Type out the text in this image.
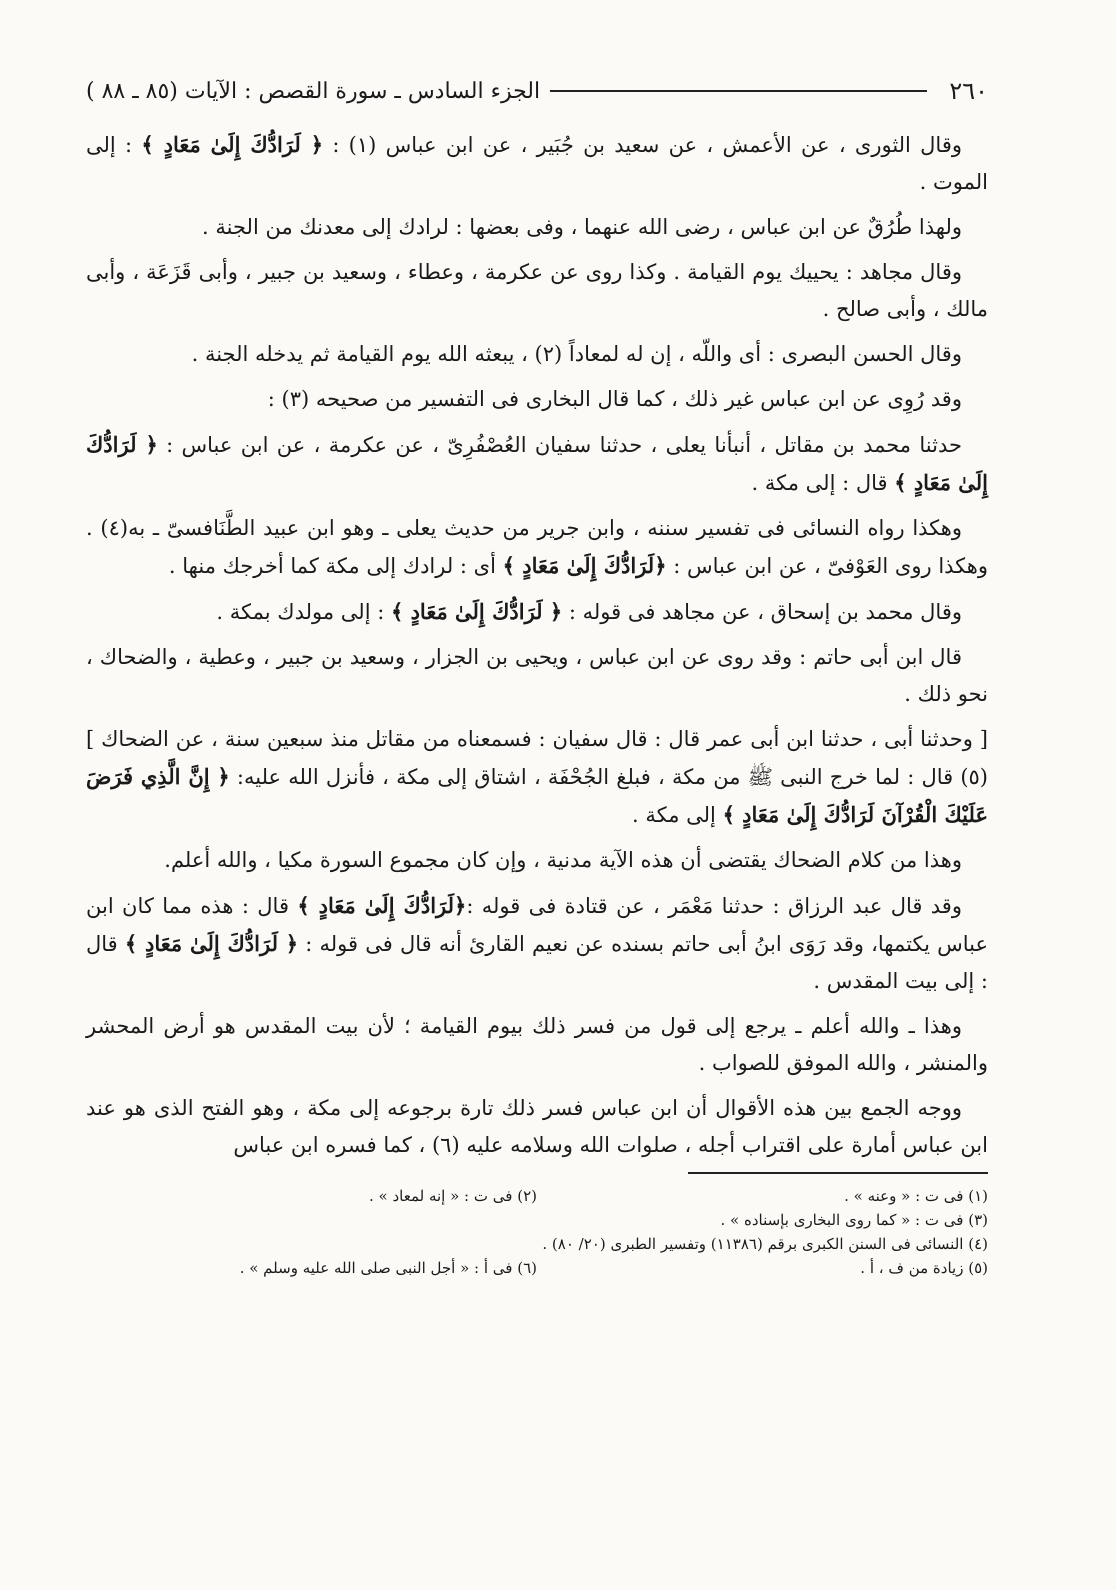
٢٦٠
الجزء السادس ـ سورة القصص : الآيات (٨٥ ـ ٨٨ )

وقال الثورى ، عن الأعمش ، عن سعيد بن جُبَير ، عن ابن عباس (١) : ﴿ لَرَادُّكَ إِلَىٰ مَعَادٍ ﴾ : إلى الموت .

ولهذا طُرُقٌ عن ابن عباس ، رضى الله عنهما ، وفى بعضها : لرادك إلى معدنك من الجنة .

وقال مجاهد : يحييك يوم القيامة . وكذا روى عن عكرمة ، وعطاء ، وسعيد بن جبير ، وأبى قَزَعَة ، وأبى مالك ، وأبى صالح .

وقال الحسن البصرى : أى واللّه ، إن له لمعاداً (٢) ، يبعثه الله يوم القيامة ثم يدخله الجنة .

وقد رُوِى عن ابن عباس غير ذلك ، كما قال البخارى فى التفسير من صحيحه (٣) :

حدثنا محمد بن مقاتل ، أنبأنا يعلى ، حدثنا سفيان العُصْفُرِىّ ، عن عكرمة ، عن ابن عباس : ﴿ لَرَادُّكَ إِلَىٰ مَعَادٍ ﴾ قال : إلى مكة .

وهكذا رواه النسائى فى تفسير سننه ، وابن جرير من حديث يعلى ـ وهو ابن عبيد الطَّنَافسىّ ـ به(٤) . وهكذا روى العَوْفىّ ، عن ابن عباس : ﴿لَرَادُّكَ إِلَىٰ مَعَادٍ ﴾ أى : لرادك إلى مكة كما أخرجك منها .

وقال محمد بن إسحاق ، عن مجاهد فى قوله : ﴿ لَرَادُّكَ إِلَىٰ مَعَادٍ ﴾ : إلى مولدك بمكة .

قال ابن أبى حاتم : وقد روى عن ابن عباس ، ويحيى بن الجزار ، وسعيد بن جبير ، وعطية ، والضحاك ، نحو ذلك .

[ وحدثنا أبى ، حدثنا ابن أبى عمر قال : قال سفيان : فسمعناه من مقاتل منذ سبعين سنة ، عن الضحاك ] (٥) قال : لما خرج النبى ﷺ من مكة ، فبلغ الجُحْفَة ، اشتاق إلى مكة ، فأنزل الله عليه: ﴿ إِنَّ الَّذِي فَرَضَ عَلَيْكَ الْقُرْآنَ لَرَادُّكَ إِلَىٰ مَعَادٍ ﴾ إلى مكة .

وهذا من كلام الضحاك يقتضى أن هذه الآية مدنية ، وإن كان مجموع السورة مكيا ، والله أعلم.

وقد قال عبد الرزاق : حدثنا مَعْمَر ، عن قتادة فى قوله :﴿لَرَادُّكَ إِلَىٰ مَعَادٍ ﴾ قال : هذه مما كان ابن عباس يكتمها، وقد رَوَى ابنُ أبى حاتم بسنده عن نعيم القارئ أنه قال فى قوله : ﴿ لَرَادُّكَ إِلَىٰ مَعَادٍ ﴾ قال : إلى بيت المقدس .

وهذا ـ والله أعلم ـ يرجع إلى قول من فسر ذلك بيوم القيامة ؛ لأن بيت المقدس هو أرض المحشر والمنشر ، والله الموفق للصواب .

ووجه الجمع بين هذه الأقوال أن ابن عباس فسر ذلك تارة برجوعه إلى مكة ، وهو الفتح الذى هو عند ابن عباس أمارة على اقتراب أجله ، صلوات الله وسلامه عليه (٦) ، كما فسره ابن عباس

(١) فى ت : « وعنه » .
(٢) فى ت : « إنه لمعاد » .
(٣) فى ت : « كما روى البخارى بإسناده » .
(٤) النسائى فى السنن الكبرى برقم (١١٣٨٦) وتفسير الطبرى (٢٠/ ٨٠) .
(٥) زيادة من ف ، أ .
(٦) فى أ : « أجل النبى صلى الله عليه وسلم » .
